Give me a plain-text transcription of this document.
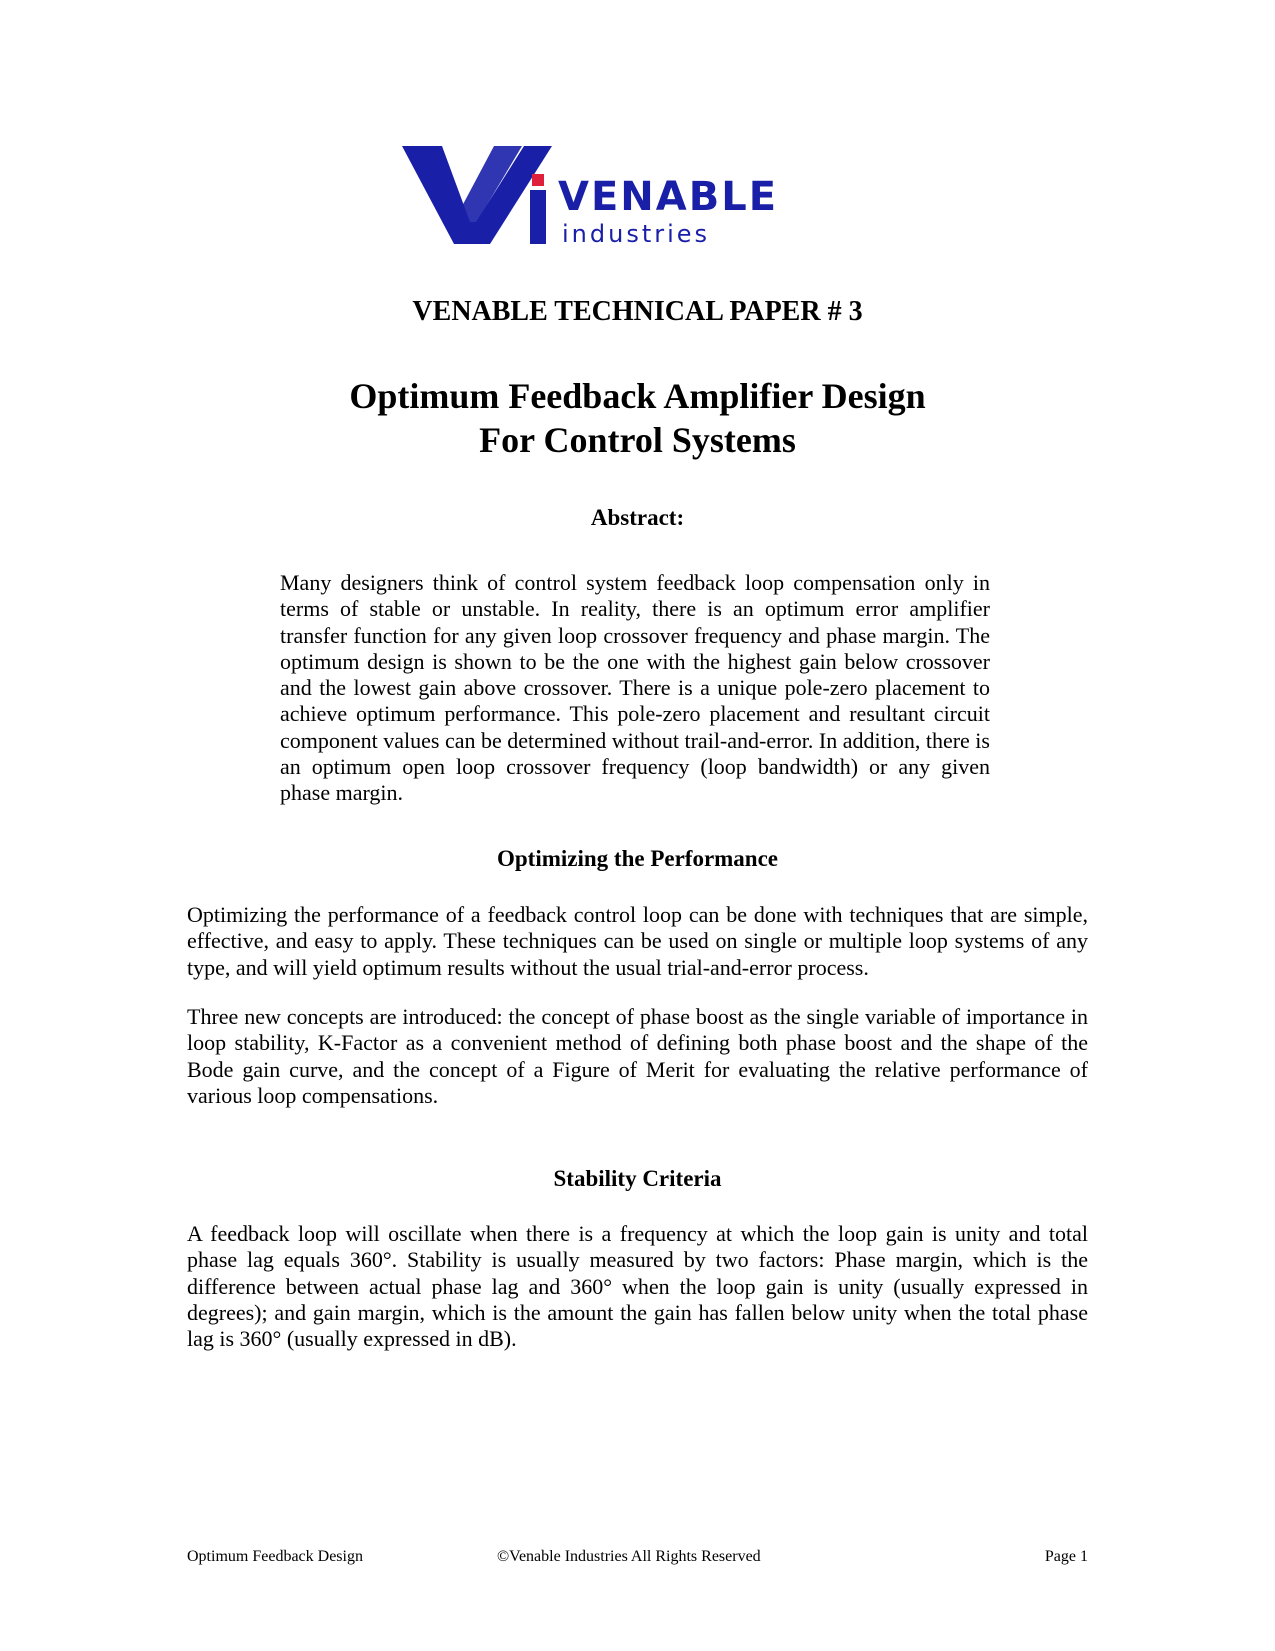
VENABLE
industries
VENABLE TECHNICAL PAPER # 3
Optimum Feedback Amplifier Design
For Control Systems
Abstract:
Many designers think of control system feedback loop compensation only in terms of stable or unstable. In reality, there is an optimum error amplifier transfer function for any given loop crossover frequency and phase margin. The optimum design is shown to be the one with the highest gain below crossover and the lowest gain above crossover. There is a unique pole-zero placement to achieve optimum performance. This pole-zero placement and resultant circuit component values can be determined without trail-and-error. In addition, there is an optimum open loop crossover frequency (loop bandwidth) or any given phase margin.
Optimizing the Performance
Optimizing the performance of a feedback control loop can be done with techniques that are simple, effective, and easy to apply. These techniques can be used on single or multiple loop systems of any type, and will yield optimum results without the usual trial-and-error process.
Three new concepts are introduced: the concept of phase boost as the single variable of importance in loop stability, K-Factor as a convenient method of defining both phase boost and the shape of the Bode gain curve, and the concept of a Figure of Merit for evaluating the relative performance of various loop compensations.
Stability Criteria
A feedback loop will oscillate when there is a frequency at which the loop gain is unity and total phase lag equals 360°. Stability is usually measured by two factors: Phase margin, which is the difference between actual phase lag and 360° when the loop gain is unity (usually expressed in degrees); and gain margin, which is the amount the gain has fallen below unity when the total phase lag is 360° (usually expressed in dB).
Optimum Feedback Design	©Venable Industries All Rights Reserved	Page 1
